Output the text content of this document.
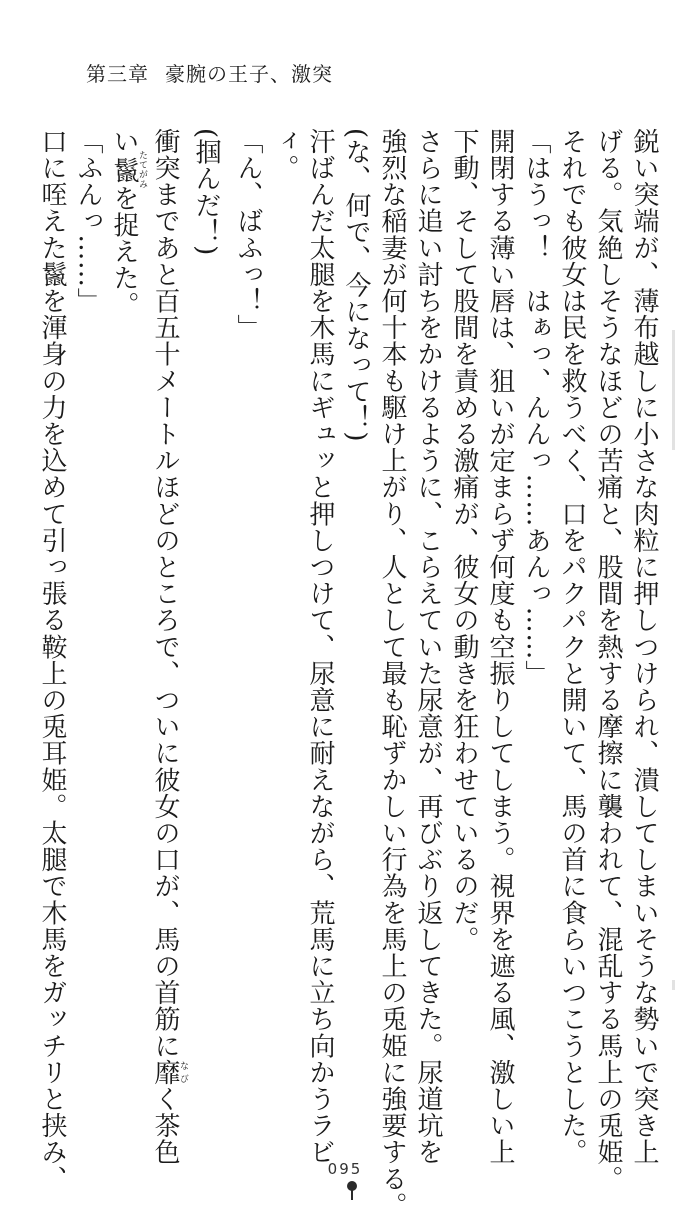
第三章 豪腕の王子、激突
鋭い突端が、薄布越しに小さな肉粒に押しつけられ、潰してしまいそうな勢いで突き上
げる。気絶しそうなほどの苦痛と、股間を熱する摩擦に襲われて、混乱する馬上の兎姫。
それでも彼女は民を救うべく、口をパクパクと開いて、馬の首に食らいつこうとした。
「はうっ！　はぁっ、んんっ……あんっ……」
開閉する薄い唇は、狙いが定まらず何度も空振りしてしまう。視界を遮る風、激しい上
下動、そして股間を責める激痛が、彼女の動きを狂わせているのだ。
さらに追い討ちをかけるように、こらえていた尿意が、再びぶり返してきた。尿道坑を
強烈な稲妻が何十本も駆け上がり、人として最も恥ずかしい行為を馬上の兎姫に強要する。
(な、何で、今になって！)
汗ばんだ太腿を木馬にギュッと押しつけて、尿意に耐えながら、荒馬に立ち向かうラビ
ィ。
「ん、ばふっ！」
(掴んだ！)
衝突まであと百五十メートルほどのところで、ついに彼女の口が、馬の首筋に靡なびく茶色
い鬣たてがみを捉えた。
「ふんっ……」
口に咥えた鬣を渾身の力を込めて引っ張る鞍上の兎耳姫。太腿で木馬をガッチリと挟み、	095
